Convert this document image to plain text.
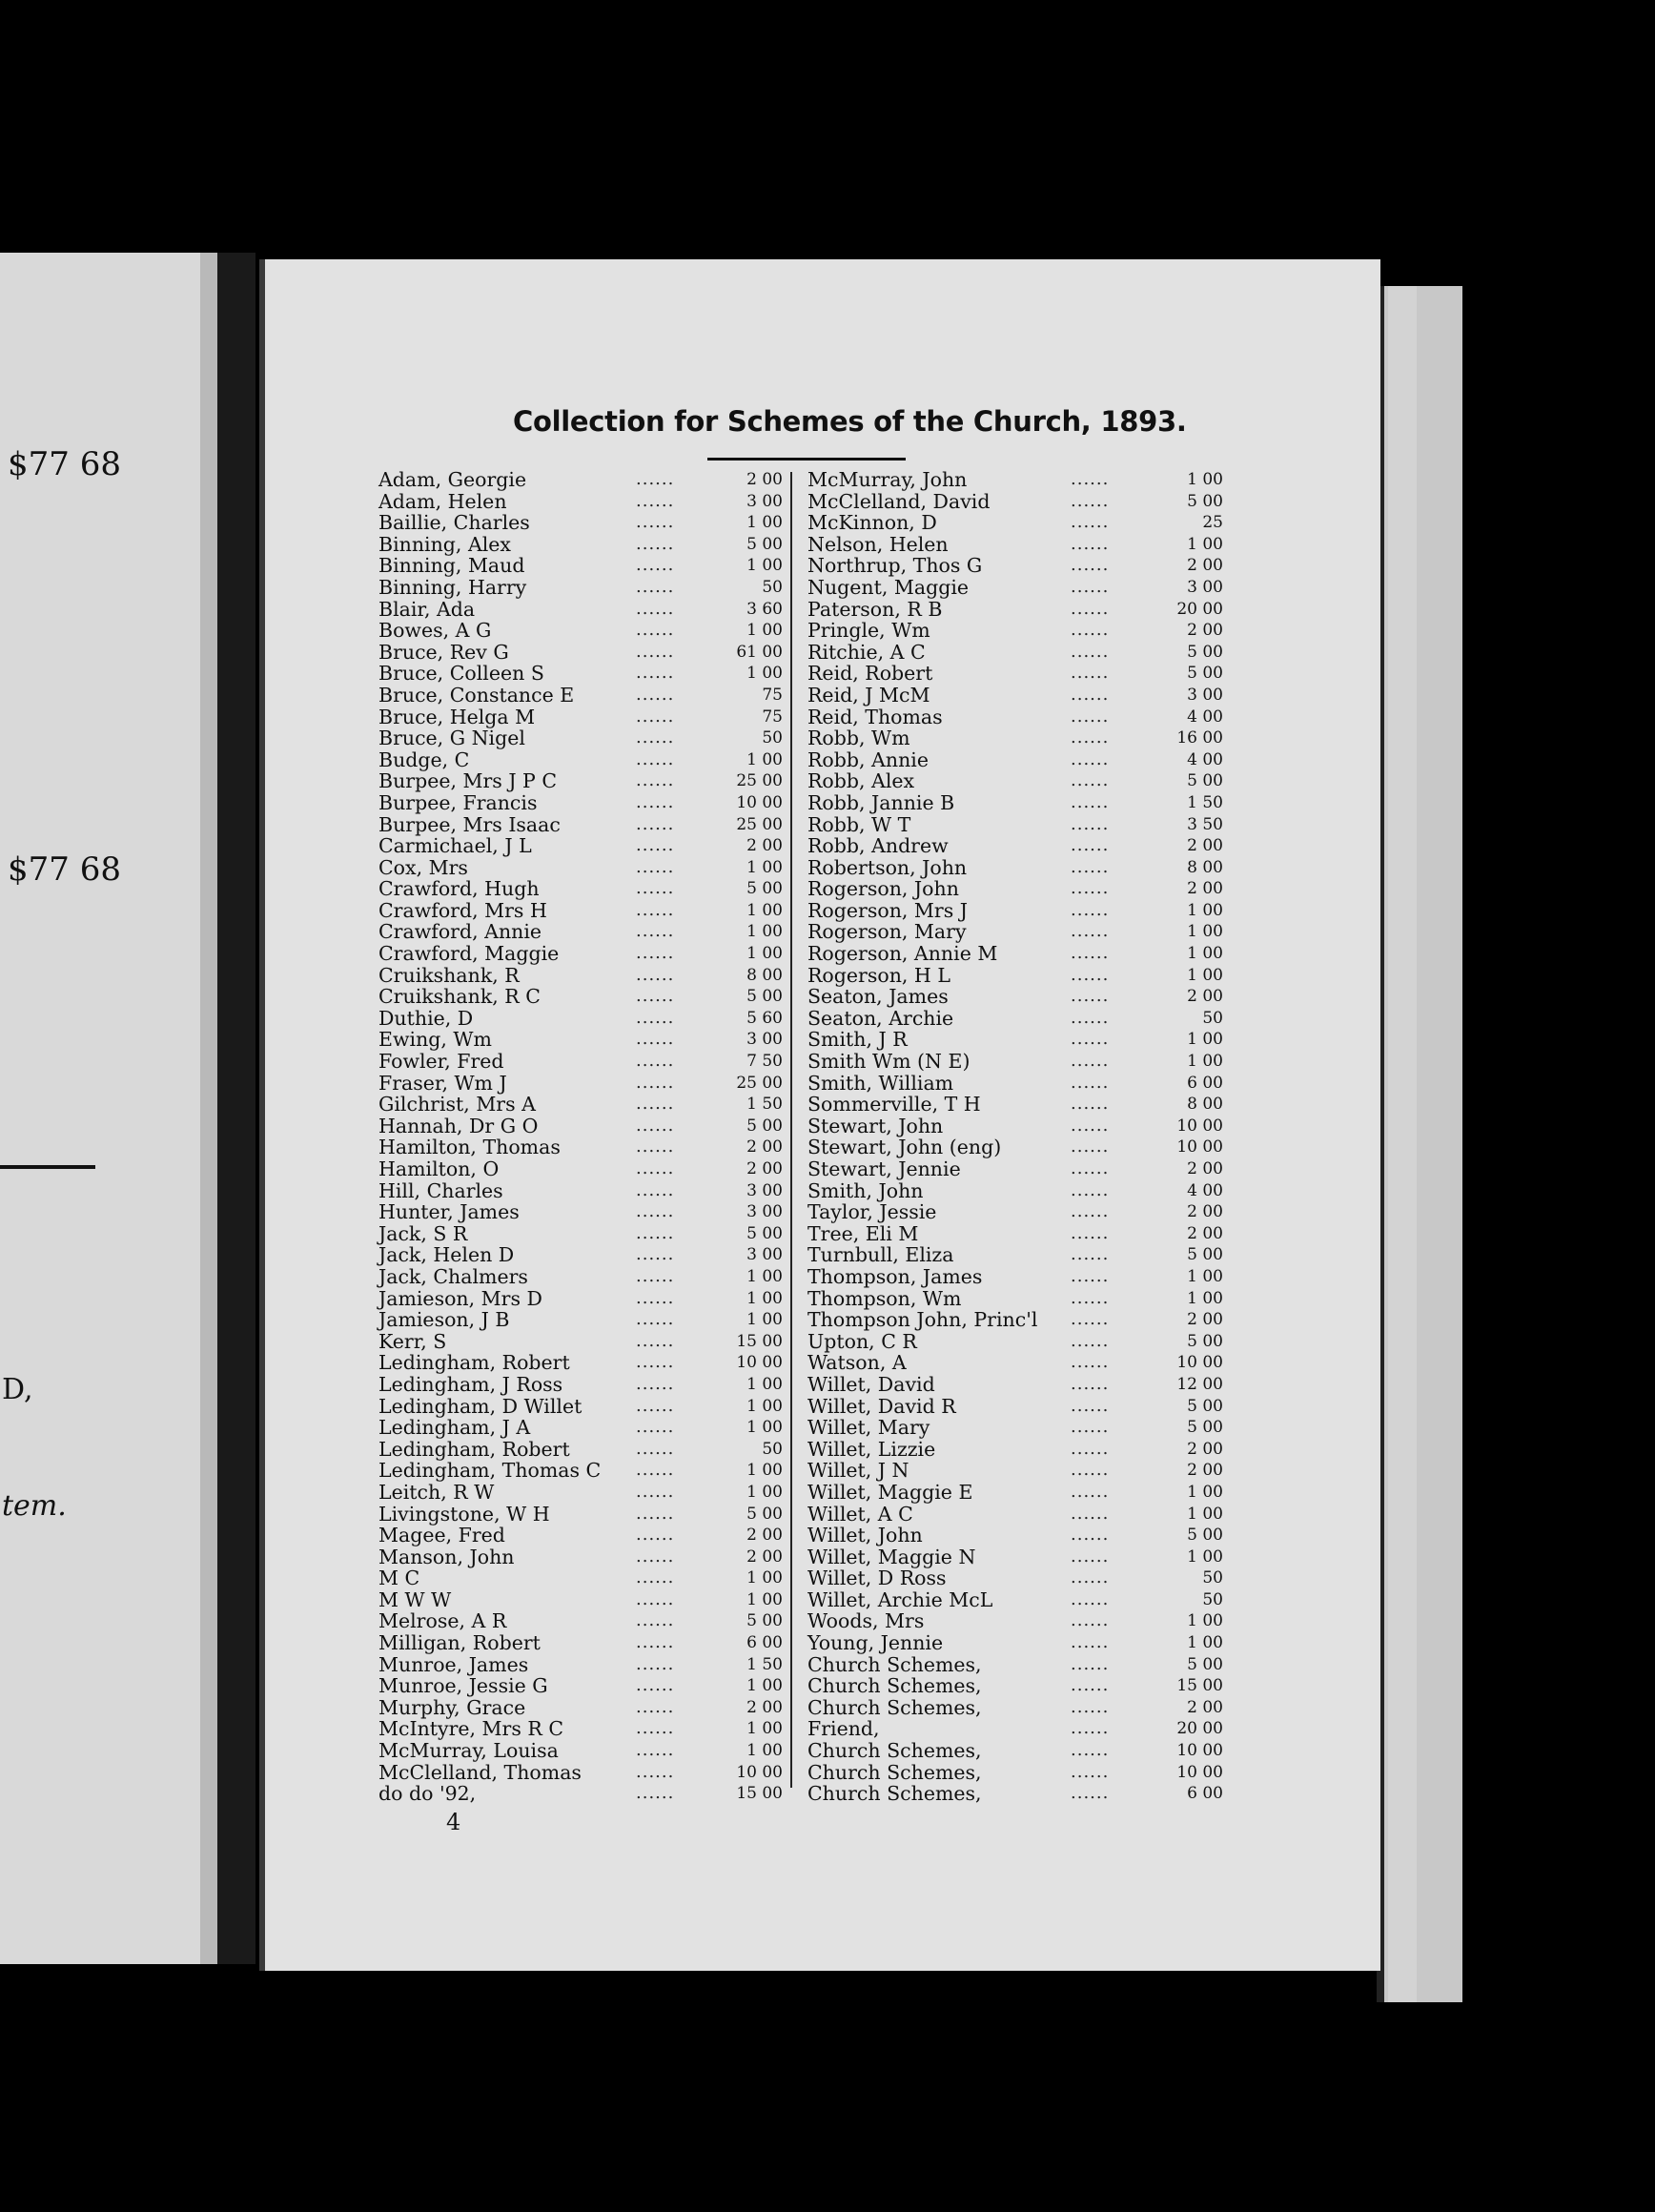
$77 68
$77 68
D,
tem.
Collection for Schemes of the Church, 1893.
Adam, Georgie	......	2 00
Adam, Helen	......	3 00
Baillie, Charles	......	1 00
Binning, Alex	......	5 00
Binning, Maud	......	1 00
Binning, Harry	......	50
Blair, Ada	......	3 60
Bowes, A G	......	1 00
Bruce, Rev G	......	61 00
Bruce, Colleen S	......	1 00
Bruce, Constance E	......	75
Bruce, Helga M	......	75
Bruce, G Nigel	......	50
Budge, C	......	1 00
Burpee, Mrs J P C	......	25 00
Burpee, Francis	......	10 00
Burpee, Mrs Isaac	......	25 00
Carmichael, J L	......	2 00
Cox, Mrs	......	1 00
Crawford, Hugh	......	5 00
Crawford, Mrs H	......	1 00
Crawford, Annie	......	1 00
Crawford, Maggie	......	1 00
Cruikshank, R	......	8 00
Cruikshank, R C	......	5 00
Duthie, D	......	5 60
Ewing, Wm	......	3 00
Fowler, Fred	......	7 50
Fraser, Wm J	......	25 00
Gilchrist, Mrs A	......	1 50
Hannah, Dr G O	......	5 00
Hamilton, Thomas	......	2 00
Hamilton, O	......	2 00
Hill, Charles	......	3 00
Hunter, James	......	3 00
Jack, S R	......	5 00
Jack, Helen D	......	3 00
Jack, Chalmers	......	1 00
Jamieson, Mrs D	......	1 00
Jamieson, J B	......	1 00
Kerr, S	......	15 00
Ledingham, Robert	......	10 00
Ledingham, J Ross	......	1 00
Ledingham, D Willet	......	1 00
Ledingham, J A	......	1 00
Ledingham, Robert	......	50
Ledingham, Thomas C ......	1 00
Leitch, R W	......	1 00
Livingstone, W H	......	5 00
Magee, Fred	......	2 00
Manson, John	......	2 00
M C	......	1 00
M W W	......	1 00
Melrose, A R	......	5 00
Milligan, Robert	......	6 00
Munroe, James	......	1 50
Munroe, Jessie G	......	1 00
Murphy, Grace	......	2 00
McIntyre, Mrs R C	......	1 00
McMurray, Louisa	......	1 00
McClelland, Thomas	......	10 00
do do '92,	......	15 00
McMurray, John	......	1 00
McClelland, David	......	5 00
McKinnon, D	......	25
Nelson, Helen	......	1 00
Northrup, Thos G	......	2 00
Nugent, Maggie	......	3 00
Paterson, R B	......	20 00
Pringle, Wm	......	2 00
Ritchie, A C	......	5 00
Reid, Robert	......	5 00
Reid, J McM	......	3 00
Reid, Thomas	......	4 00
Robb, Wm	......	16 00
Robb, Annie	......	4 00
Robb, Alex	......	5 00
Robb, Jannie B	......	1 50
Robb, W T	......	3 50
Robb, Andrew	......	2 00
Robertson, John	......	8 00
Rogerson, John	......	2 00
Rogerson, Mrs J	......	1 00
Rogerson, Mary	......	1 00
Rogerson, Annie M	......	1 00
Rogerson, H L	......	1 00
Seaton, James	......	2 00
Seaton, Archie	......	50
Smith, J R	......	1 00
Smith Wm (N E)	......	1 00
Smith, William	......	6 00
Sommerville, T H	......	8 00
Stewart, John	......	10 00
Stewart, John (eng)	......	10 00
Stewart, Jennie	......	2 00
Smith, John	......	4 00
Taylor, Jessie	......	2 00
Tree, Eli M	......	2 00
Turnbull, Eliza	......	5 00
Thompson, James	......	1 00
Thompson, Wm	......	1 00
Thompson John, Princ'l ......	2 00
Upton, C R	......	5 00
Watson, A	......	10 00
Willet, David	......	12 00
Willet, David R	......	5 00
Willet, Mary	......	5 00
Willet, Lizzie	......	2 00
Willet, J N	......	2 00
Willet, Maggie E	......	1 00
Willet, A C	......	1 00
Willet, John	......	5 00
Willet, Maggie N	......	1 00
Willet, D Ross	......	50
Willet, Archie McL	......	50
Woods, Mrs	......	1 00
Young, Jennie	......	1 00
Church Schemes,	......	5 00
Church Schemes,	......	15 00
Church Schemes,	......	2 00
Friend,	......	20 00
Church Schemes,	......	10 00
Church Schemes,	......	10 00
Church Schemes,	......	6 00
4
